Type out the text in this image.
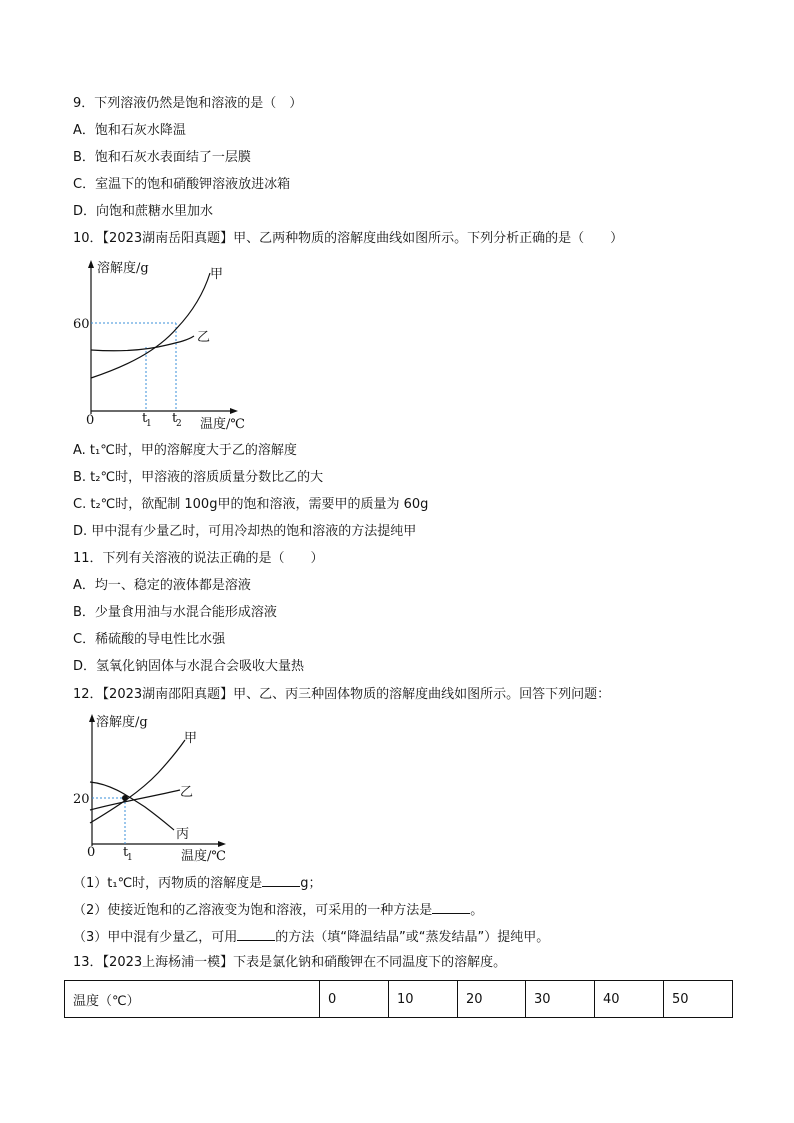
9．下列溶液仍然是饱和溶液的是（　）
A．饱和石灰水降温
B．饱和石灰水表面结了一层膜
C．室温下的饱和硝酸钾溶液放进冰箱
D．向饱和蔗糖水里加水
10．【2023湖南岳阳真题】甲、乙两种物质的溶解度曲线如图所示。下列分析正确的是（　　）
溶解度/g	甲
乙
60
0	t
1 t
2 温度/℃
A. t₁℃时，甲的溶解度大于乙的溶解度
B. t₂℃时，甲溶液的溶质质量分数比乙的大
C. t₂℃时，欲配制 100g甲的饱和溶液，需要甲的质量为 60g
D. 甲中混有少量乙时，可用冷却热的饱和溶液的方法提纯甲
11．下列有关溶液的说法正确的是（　　）
A．均一、稳定的液体都是溶液
B．少量食用油与水混合能形成溶液
C．稀硫酸的导电性比水强
D．氢氧化钠固体与水混合会吸收大量热
12．【2023湖南邵阳真题】甲、乙、丙三种固体物质的溶解度曲线如图所示。回答下列问题：
溶解度/g
甲
乙
丙
20
0 t
1	温度/℃
（1）t₁℃时，丙物质的溶解度是	g；
（2）使接近饱和的乙溶液变为饱和溶液，可采用的一种方法是	。
（3）甲中混有少量乙，可用	的方法（填“降温结晶”或“蒸发结晶”）提纯甲。
13．【2023上海杨浦一模】下表是氯化钠和硝酸钾在不同温度下的溶解度。
温度（℃）	0	10	20	30	40	50
